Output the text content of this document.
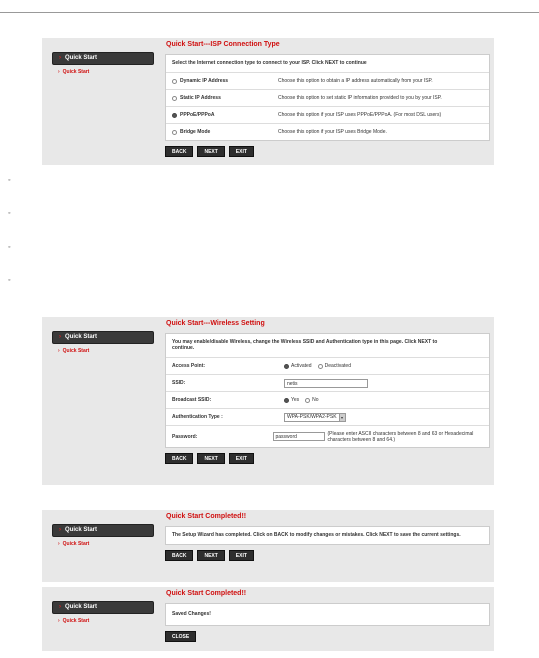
› Quick Start
› Quick Start
Quick Start---ISP Connection Type
Select the Internet connection type to connect to your ISP. Click NEXT to continue
Dynamic IP Address	Choose this option to obtain a IP address automatically from your ISP.
Static IP Address	Choose this option to set static IP information provided to you by your ISP.
PPPoE/PPPoA	Choose this option if your ISP uses PPPoE/PPPoA. (For most DSL users)
Bridge Mode	Choose this option if your ISP uses Bridge Mode.
BACK	NEXT	EXIT
◦
◦
◦
◦
› Quick Start
› Quick Start
Quick Start---Wireless Setting
You may enable/disable Wireless, change the Wireless SSID and Authentication type in this page. Click NEXT to continue.
Access Point:	Activated	Deactivated
SSID:	netis
Broadcast SSID:	Yes	No
Authentication Type :	WPA-PSK/WPA2-PSK	▾
Password:	password
(Please enter ASCII characters between 8 and 63 or Hexadecimal characters between 8 and 64.)
BACK	NEXT	EXIT
› Quick Start
› Quick Start
Quick Start Completed!!
The Setup Wizard has completed. Click on BACK to modify changes or mistakes. Click NEXT to save the current settings.
BACK	NEXT	EXIT
› Quick Start
› Quick Start
Quick Start Completed!!
Saved Changes!
CLOSE
